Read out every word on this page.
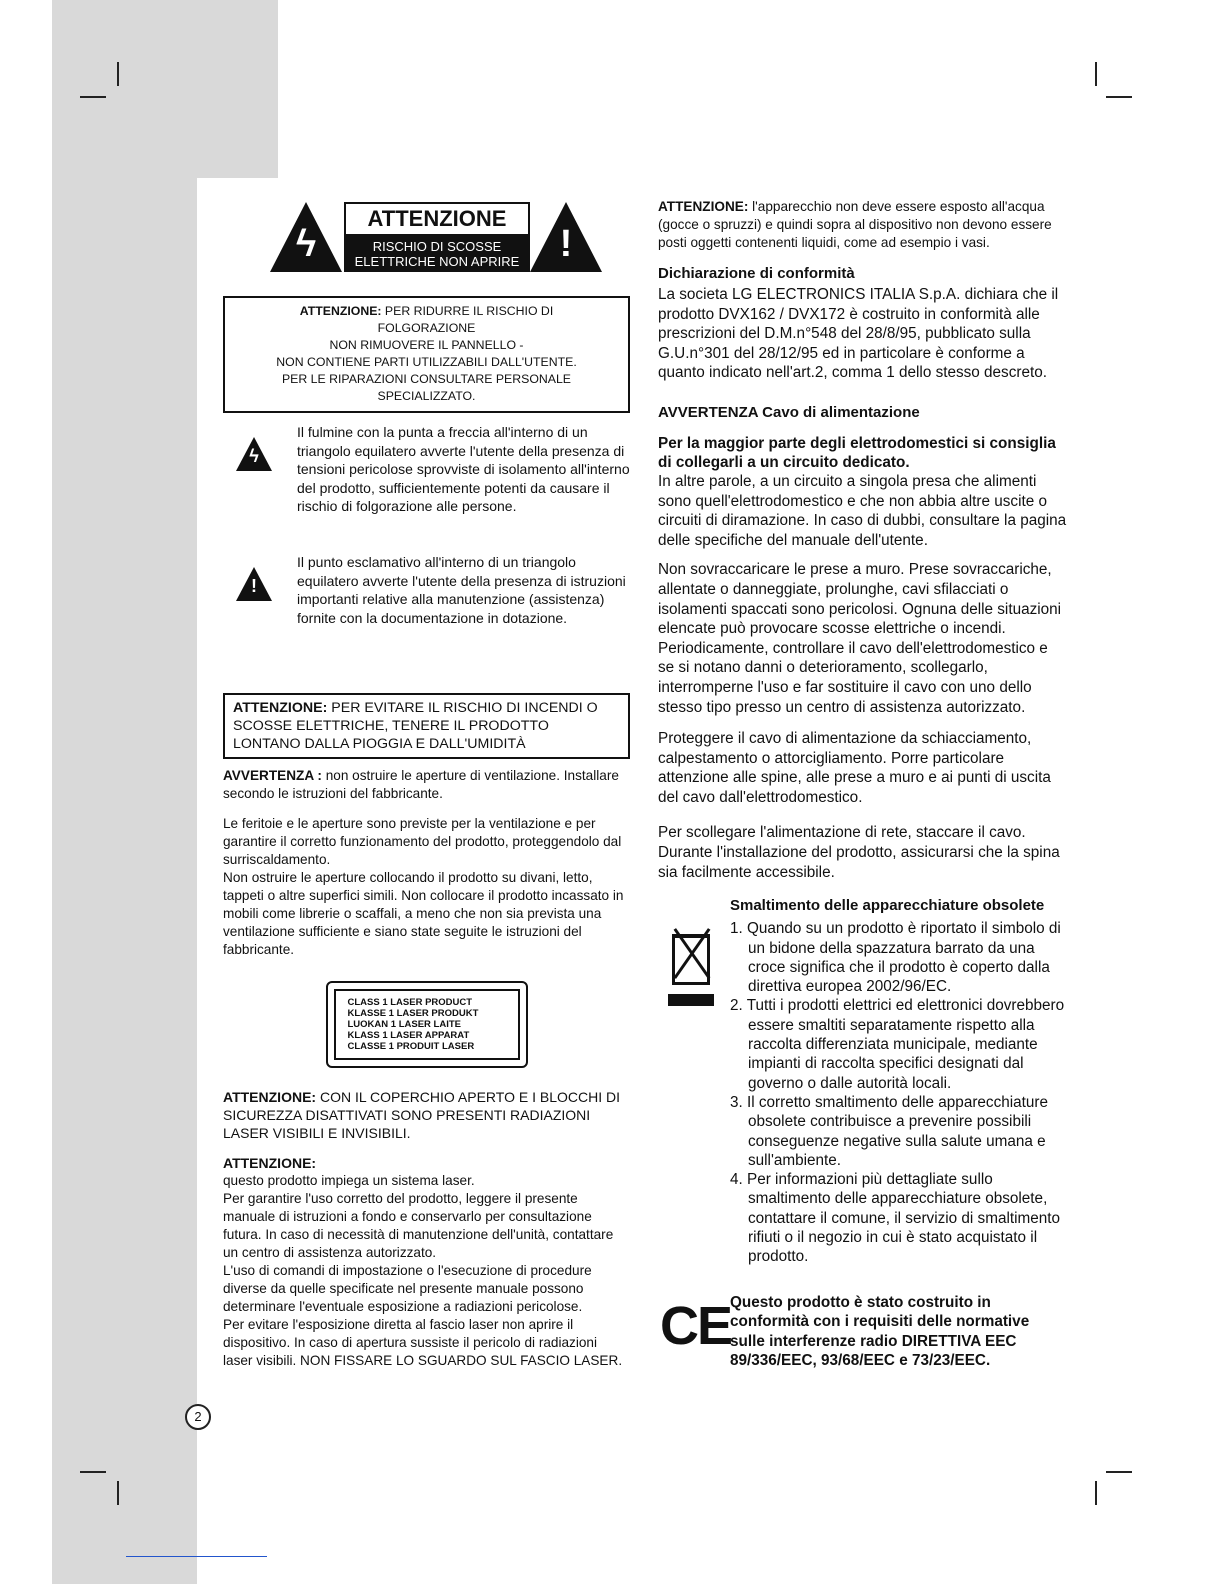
2
ϟ
ATTENZIONE
RISCHIO DI SCOSSE
ELETTRICHE NON APRIRE !
ATTENZIONE: PER RIDURRE IL RISCHIO DI
FOLGORAZIONE
NON RIMUOVERE IL PANNELLO -
NON CONTIENE PARTI UTILIZZABILI DALL'UTENTE.
PER LE RIPARAZIONI CONSULTARE PERSONALE
SPECIALIZZATO.
ϟ
Il fulmine con la punta a freccia all'interno di un triangolo equilatero avverte l'utente della presenza di tensioni pericolose sprovviste di isolamento all'interno del prodotto, sufficientemente potenti da causare il rischio di folgorazione alle persone.
!
Il punto esclamativo all'interno di un triangolo equilatero avverte l'utente della presenza di istruzioni importanti relative alla manutenzione (assistenza) fornite con la documentazione in dotazione.
ATTENZIONE: PER EVITARE IL RISCHIO DI INCENDI O SCOSSE ELETTRICHE, TENERE IL PRODOTTO LONTANO DALLA PIOGGIA E DALL'UMIDITÀ

AVVERTENZA : non ostruire le aperture di ventilazione. Installare secondo le istruzioni del fabbricante.

Le feritoie e le aperture sono previste per la ventilazione e per garantire il corretto funzionamento del prodotto, proteggendolo dal surriscaldamento.

Non ostruire le aperture collocando il prodotto su divani, letto, tappeti o altre superfici simili. Non collocare il prodotto incassato in mobili come librerie o scaffali, a meno che non sia prevista una ventilazione sufficiente e siano state seguite le istruzioni del fabbricante.

CLASS 1 LASER PRODUCT
KLASSE 1 LASER PRODUKT
LUOKAN 1 LASER LAITE
KLASS 1 LASER APPARAT
CLASSE 1 PRODUIT LASER

ATTENZIONE: CON IL COPERCHIO APERTO E I BLOCCHI DI SICUREZZA DISATTIVATI SONO PRESENTI RADIAZIONI LASER VISIBILI E INVISIBILI.

ATTENZIONE:

questo prodotto impiega un sistema laser.

Per garantire l'uso corretto del prodotto, leggere il presente manuale di istruzioni a fondo e conservarlo per consultazione futura. In caso di necessità di manutenzione dell'unità, contattare un centro di assistenza autorizzato.

L'uso di comandi di impostazione o l'esecuzione di procedure diverse da quelle specificate nel presente manuale possono determinare l'eventuale esposizione a radiazioni pericolose.

Per evitare l'esposizione diretta al fascio laser non aprire il dispositivo. In caso di apertura sussiste il pericolo di radiazioni laser visibili. NON FISSARE LO SGUARDO SUL FASCIO LASER.

ATTENZIONE: l'apparecchio non deve essere esposto all'acqua (gocce o spruzzi) e quindi sopra al dispositivo non devono essere posti oggetti contenenti liquidi, come ad esempio i vasi.
Dichiarazione di conformità
La societa LG ELECTRONICS ITALIA S.p.A. dichiara che il prodotto DVX162 / DVX172 è costruito in conformità alle prescrizioni del D.M.n°548 del 28/8/95, pubblicato sulla G.U.n°301 del 28/12/95 ed in particolare è conforme a quanto indicato nell'art.2, comma 1 dello stesso descreto.
AVVERTENZA Cavo di alimentazione
Per la maggior parte degli elettrodomestici si consiglia di collegarli a un circuito dedicato.
In altre parole, a un circuito a singola presa che alimenti sono quell'elettrodomestico e che non abbia altre uscite o circuiti di diramazione. In caso di dubbi, consultare la pagina delle specifiche del manuale dell'utente.
Non sovraccaricare le prese a muro. Prese sovraccariche, allentate o danneggiate, prolunghe, cavi sfilacciati o isolamenti spaccati sono pericolosi. Ognuna delle situazioni elencate può provocare scosse elettriche o incendi. Periodicamente, controllare il cavo dell'elettrodomestico e se si notano danni o deterioramento, scollegarlo, interromperne l'uso e far sostituire il cavo con uno dello stesso tipo presso un centro di assistenza autorizzato.
Proteggere il cavo di alimentazione da schiacciamento, calpestamento o attorcigliamento. Porre particolare attenzione alle spine, alle prese a muro e ai punti di uscita del cavo dall'elettrodomestico.
Per scollegare l'alimentazione di rete, staccare il cavo. Durante l'installazione del prodotto, assicurarsi che la spina sia facilmente accessibile.
Smaltimento delle apparecchiature obsolete
1. Quando su un prodotto è riportato il simbolo di un bidone della spazzatura barrato da una croce significa che il prodotto è coperto dalla direttiva europea 2002/96/EC.
2. Tutti i prodotti elettrici ed elettronici dovrebbero essere smaltiti separatamente rispetto alla raccolta differenziata municipale, mediante impianti di raccolta specifici designati dal governo o dalle autorità locali.
3. Il corretto smaltimento delle apparecchiature obsolete contribuisce a prevenire possibili conseguenze negative sulla salute umana e sull'ambiente.
4. Per informazioni più dettagliate sullo smaltimento delle apparecchiature obsolete, contattare il comune, il servizio di smaltimento rifiuti o il negozio in cui è stato acquistato il prodotto.
CE
Questo prodotto è stato costruito in conformità con i requisiti delle normative sulle interferenze radio DIRETTIVA EEC 89/336/EEC, 93/68/EEC e 73/23/EEC.
